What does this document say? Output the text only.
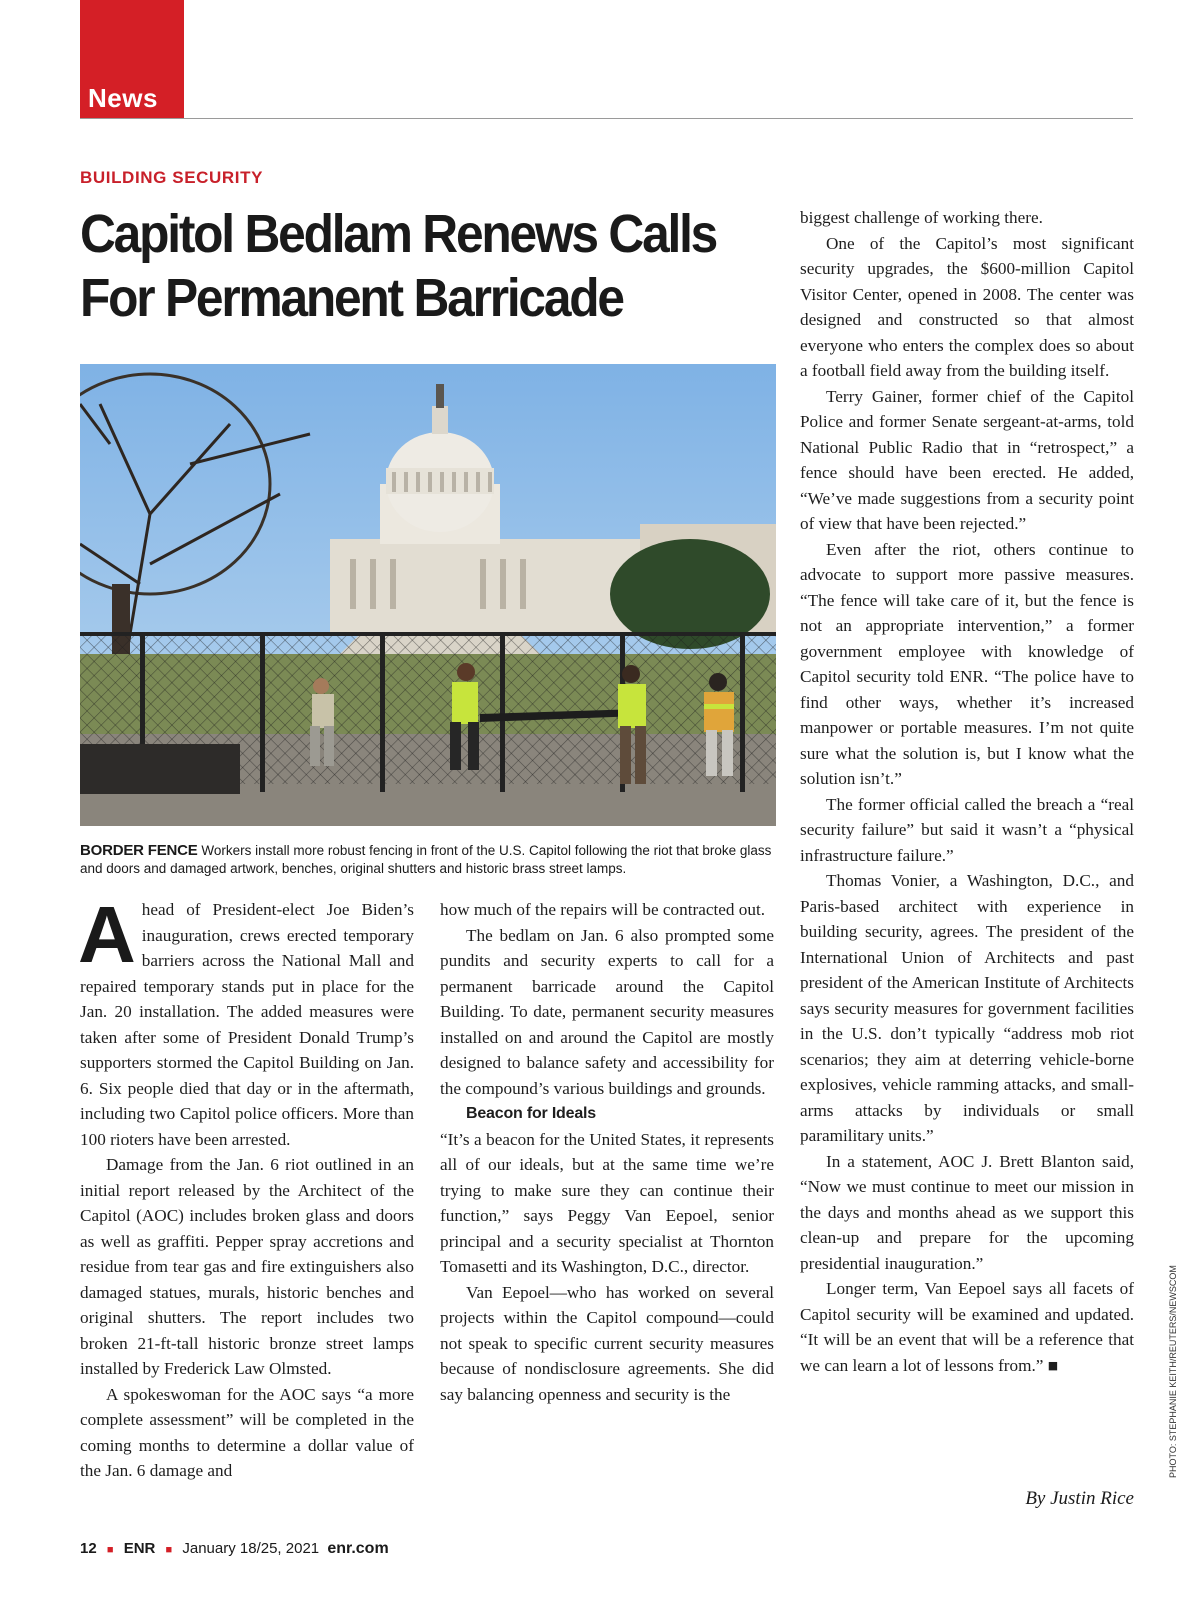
News
BUILDING SECURITY
Capitol Bedlam Renews Calls
For Permanent Barricade
BORDER FENCE Workers install more robust fencing in front of the U.S. Capitol following the riot that broke glass and doors and damaged artwork, benches, original shutters and historic brass street lamps.

Ahead of President-elect Joe Biden’s inauguration, crews erected temporary barriers across the National Mall and repaired temporary stands put in place for the Jan. 20 installation. The added measures were taken after some of President Donald Trump’s supporters stormed the Capitol Building on Jan. 6. Six people died that day or in the aftermath, including two Capitol police officers. More than 100 rioters have been arrested.

Damage from the Jan. 6 riot outlined in an initial report released by the Architect of the Capitol (AOC) includes broken glass and doors as well as graffiti. Pepper spray accretions and residue from tear gas and fire extinguishers also damaged statues, murals, historic benches and original shutters. The report includes two broken 21-ft-tall historic bronze street lamps installed by Frederick Law Olmsted.

A spokeswoman for the AOC says “a more complete assessment” will be completed in the coming months to determine a dollar value of the Jan. 6 damage and

how much of the repairs will be contracted out.

The bedlam on Jan. 6 also prompted some pundits and security experts to call for a permanent barricade around the Capitol Building. To date, permanent security measures installed on and around the Capitol are mostly designed to balance safety and accessibility for the compound’s various buildings and grounds.

Beacon for Ideals

“It’s a beacon for the United States, it represents all of our ideals, but at the same time we’re trying to make sure they can continue their function,” says Peggy Van Eepoel, senior principal and a security specialist at Thornton Tomasetti and its Washington, D.C., director.

Van Eepoel—who has worked on several projects within the Capitol compound—could not speak to specific current security measures because of nondisclosure agreements. She did say balancing openness and security is the

biggest challenge of working there.

One of the Capitol’s most significant security upgrades, the $600-million Capitol Visitor Center, opened in 2008. The center was designed and constructed so that almost everyone who enters the complex does so about a football field away from the building itself.

Terry Gainer, former chief of the Capitol Police and former Senate sergeant-at-arms, told National Public Radio that in “retrospect,” a fence should have been erected. He added, “We’ve made suggestions from a security point of view that have been rejected.”

Even after the riot, others continue to advocate to support more passive measures. “The fence will take care of it, but the fence is not an appropriate intervention,” a former government employee with knowledge of Capitol security told ENR. “The police have to find other ways, whether it’s increased manpower or portable measures. I’m not quite sure what the solution is, but I know what the solution isn’t.”

The former official called the breach a “real security failure” but said it wasn’t a “physical infrastructure failure.”

Thomas Vonier, a Washington, D.C., and Paris-based architect with experience in building security, agrees. The president of the International Union of Architects and past president of the American Institute of Architects says security measures for government facilities in the U.S. don’t typically “address mob riot scenarios; they aim at deterring vehicle-borne explosives, vehicle ramming attacks, and small-arms attacks by individuals or small paramilitary units.”

In a statement, AOC J. Brett Blanton said, “Now we must continue to meet our mission in the days and months ahead as we support this clean-up and prepare for the upcoming presidential inauguration.”

Longer term, Van Eepoel says all facets of Capitol security will be examined and updated. “It will be an event that will be a reference that we can learn a lot of lessons from.” ■

By Justin Rice
12 ■ ENR ■ January 18/25, 2021 enr.com
PHOTO: STEPHANIE KEITH/REUTERS/NEWSCOM
